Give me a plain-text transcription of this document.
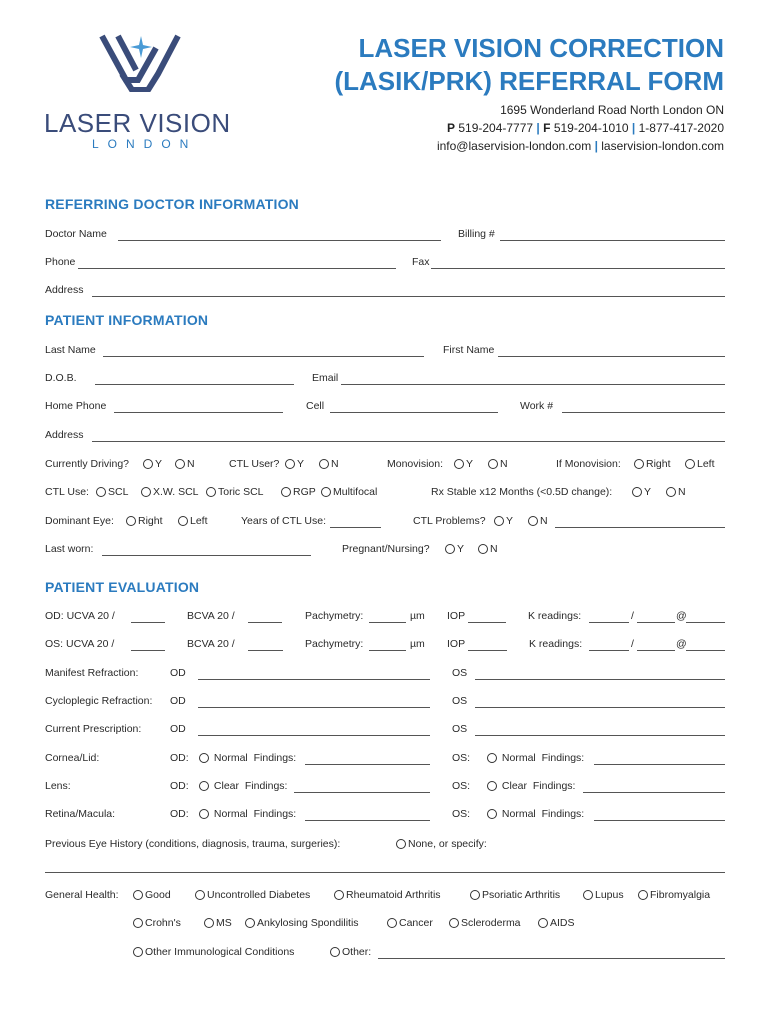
LASER VISION
LONDON
LASER VISION CORRECTION
(LASIK/PRK) REFERRAL FORM
1695 Wonderland Road North London ON
P 519-204-7777 | F 519-204-1010 | 1-877-417-2020
info@laservision-london.com | laservision-london.com
REFERRING DOCTOR INFORMATION
Doctor Name	Billing #
Phone	Fax
Address
PATIENT INFORMATION
Last Name	First Name
D.O.B.	Email
Home Phone	Cell	Work #
Address
Currently Driving?	Y	N	CTL User?	Y	N	Monovision:	Y	N	If Monovision:	Right	Left
CTL Use:	SCL	X.W. SCL	Toric SCL	RGP	Multifocal	Rx Stable x12 Months (<0.5D change):	Y	N
Dominant Eye:	Right	Left	Years of CTL Use:	CTL Problems?	Y	N
Last worn:	Pregnant/Nursing?	Y	N
PATIENT EVALUATION
OD: UCVA 20 /	BCVA 20 /	Pachymetry:	µm IOP	K readings:	/	@
OS: UCVA 20 /	BCVA 20 /	Pachymetry:	µm IOP	K readings:	/	@
Manifest Refraction:	OD	OS
Cycloplegic Refraction: OD	OS
Current Prescription:	OD	OS
Cornea/Lid:	OD:	Normal Findings:	OS:	Normal Findings:
Lens:	OD:	Clear Findings:	OS:	Clear Findings:
Retina/Macula:	OD:	Normal Findings:	OS:	Normal Findings:
Previous Eye History (conditions, diagnosis, trauma, surgeries):	None, or specify:
General Health:	Good	Uncontrolled Diabetes	Rheumatoid Arthritis	Psoriatic Arthritis	Lupus	Fibromyalgia
Crohn's	MS	Ankylosing Spondilitis	Cancer	Scleroderma	AIDS
Other Immunological Conditions	Other:
